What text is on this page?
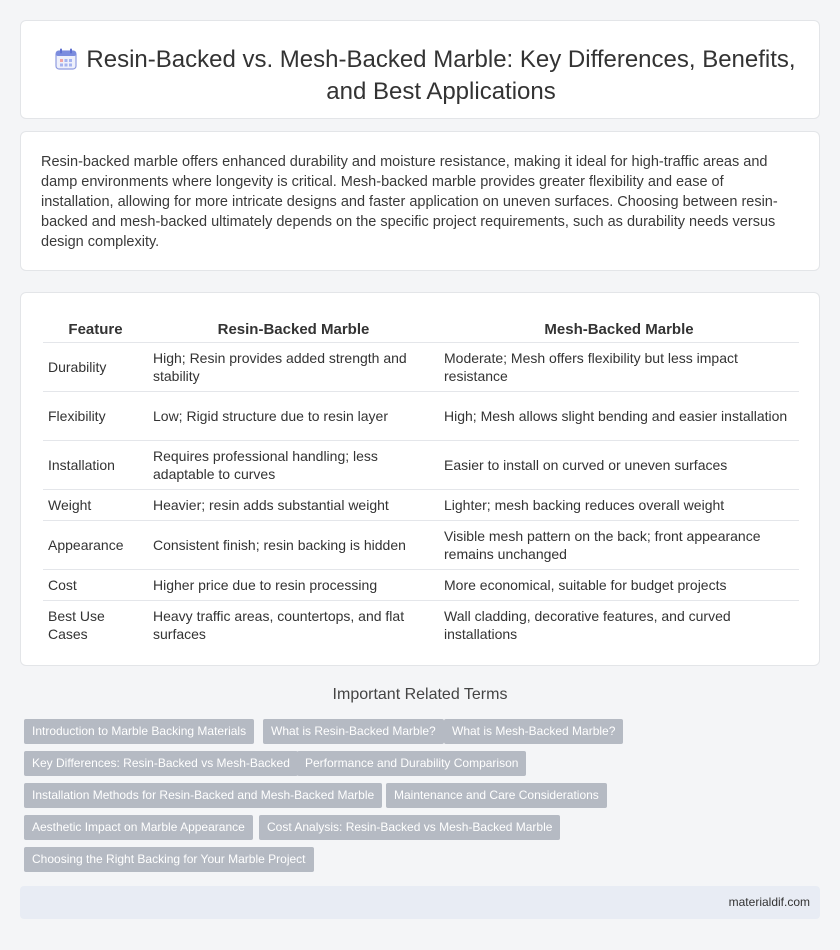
Resin-Backed vs. Mesh-Backed Marble: Key Differences, Benefits, and Best Applications

Resin-backed marble offers enhanced durability and moisture resistance, making it ideal for high-traffic areas and damp environments where longevity is critical. Mesh-backed marble provides greater flexibility and ease of installation, allowing for more intricate designs and faster application on uneven surfaces. Choosing between resin-backed and mesh-backed ultimately depends on the specific project requirements, such as durability needs versus design complexity.

Feature	Resin-Backed Marble	Mesh-Backed Marble
Durability	High; Resin provides added strength and stability	Moderate; Mesh offers flexibility but less impact resistance
Flexibility	Low; Rigid structure due to resin layer	High; Mesh allows slight bending and easier installation
Installation	Requires professional handling; less adaptable to curves	Easier to install on curved or uneven surfaces
Weight	Heavier; resin adds substantial weight	Lighter; mesh backing reduces overall weight
Appearance	Consistent finish; resin backing is hidden	Visible mesh pattern on the back; front appearance remains unchanged
Cost	Higher price due to resin processing	More economical, suitable for budget projects
Best Use Cases	Heavy traffic areas, countertops, and flat surfaces	Wall cladding, decorative features, and curved installations
Important Related Terms
Introduction to Marble Backing Materials	What is Resin-Backed Marble?	What is Mesh-Backed Marble?
Key Differences: Resin-Backed vs Mesh-Backed	Performance and Durability Comparison
Installation Methods for Resin-Backed and Mesh-Backed Marble	Maintenance and Care Considerations
Aesthetic Impact on Marble Appearance	Cost Analysis: Resin-Backed vs Mesh-Backed Marble
Choosing the Right Backing for Your Marble Project
materialdif.com
